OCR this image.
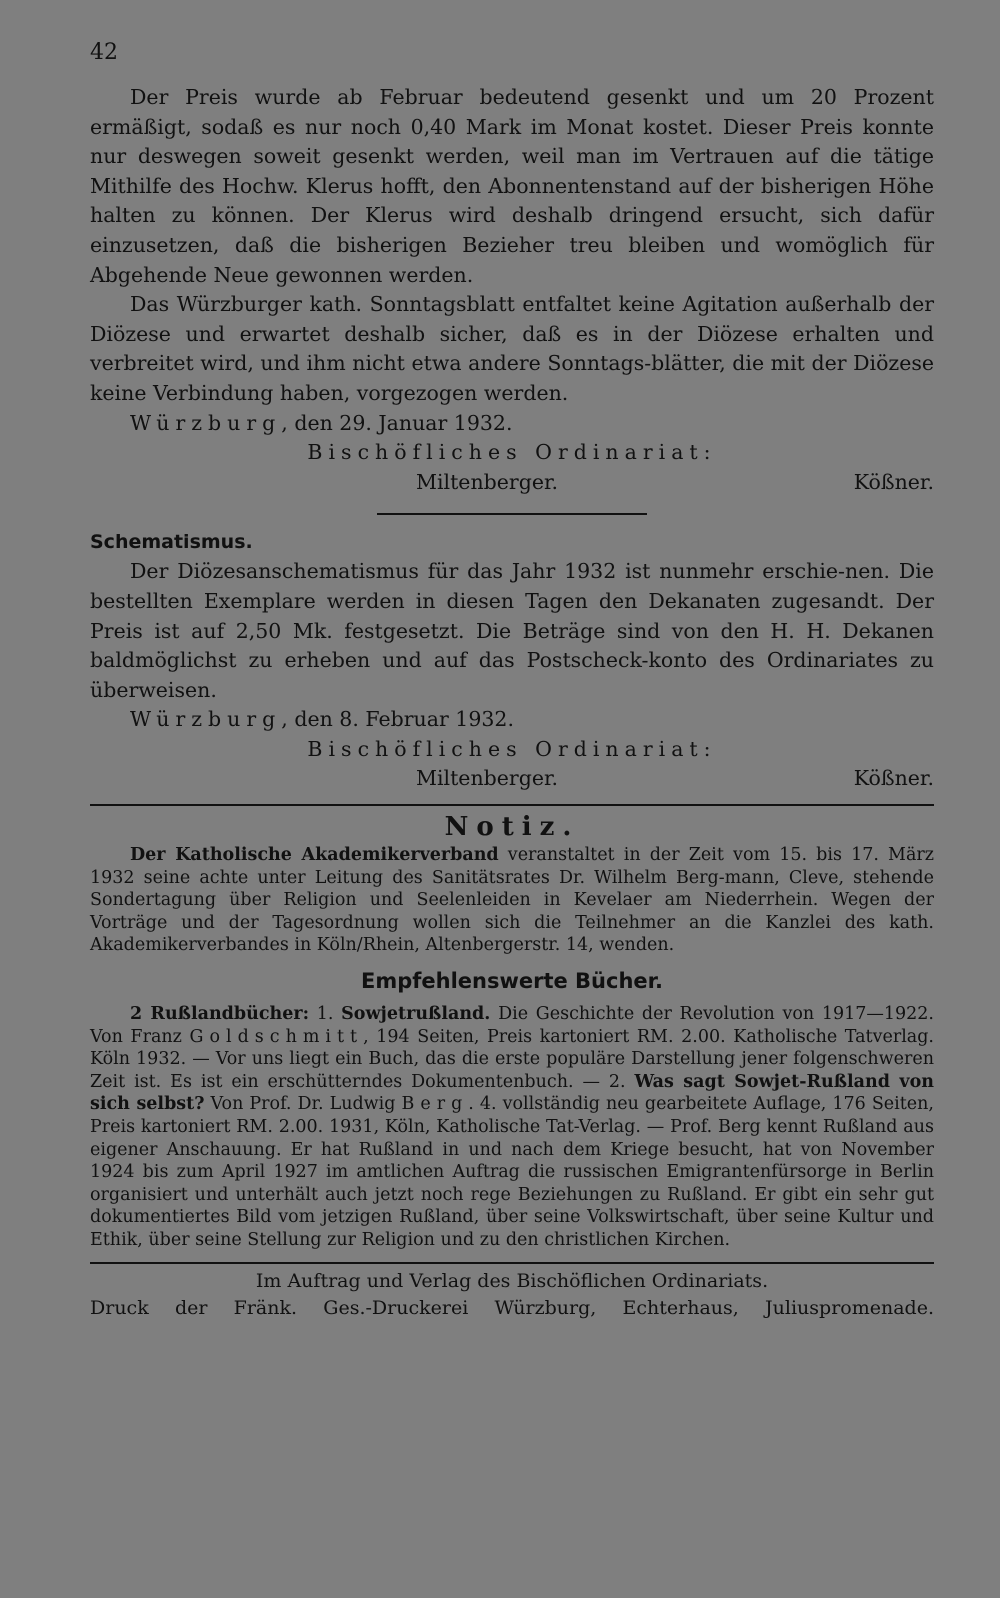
42

Der Preis wurde ab Februar bedeutend gesenkt und um 20 Prozent ermäßigt, sodaß es nur noch 0,40 Mark im Monat kostet. Dieser Preis konnte nur deswegen soweit gesenkt werden, weil man im Vertrauen auf die tätige Mithilfe des Hochw. Klerus hofft, den Abonnentenstand auf der bisherigen Höhe halten zu können. Der Klerus wird deshalb dringend ersucht, sich dafür einzusetzen, daß die bisherigen Bezieher treu bleiben und womöglich für Abgehende Neue gewonnen werden.

Das Würzburger kath. Sonntagsblatt entfaltet keine Agitation außerhalb der Diözese und erwartet deshalb sicher, daß es in der Diözese erhalten und verbreitet wird, und ihm nicht etwa andere Sonntags-blätter, die mit der Diözese keine Verbindung haben, vorgezogen werden.

Würzburg, den 29. Januar 1932.

Bischöfliches Ordinariat:
Miltenberger.	Kößner.
Schematismus.

Der Diözesanschematismus für das Jahr 1932 ist nunmehr erschie-nen. Die bestellten Exemplare werden in diesen Tagen den Dekanaten zugesandt. Der Preis ist auf 2,50 Mk. festgesetzt. Die Beträge sind von den H. H. Dekanen baldmöglichst zu erheben und auf das Postscheck-konto des Ordinariates zu überweisen.

Würzburg, den 8. Februar 1932.

Bischöfliches Ordinariat:
Miltenberger.	Kößner.
Notiz.

Der Katholische Akademikerverband veranstaltet in der Zeit vom 15. bis 17. März 1932 seine achte unter Leitung des Sanitätsrates Dr. Wilhelm Berg-mann, Cleve, stehende Sondertagung über Religion und Seelenleiden in Kevelaer am Niederrhein. Wegen der Vorträge und der Tagesordnung wollen sich die Teilnehmer an die Kanzlei des kath. Akademikerverbandes in Köln/Rhein, Altenbergerstr. 14, wenden.

Empfehlenswerte Bücher.

2 Rußlandbücher: 1. Sowjetrußland. Die Geschichte der Revolution von 1917—1922. Von Franz Goldschmitt, 194 Seiten, Preis kartoniert RM. 2.00. Katholische Tatverlag. Köln 1932. — Vor uns liegt ein Buch, das die erste populäre Darstellung jener folgenschweren Zeit ist. Es ist ein erschütterndes Dokumentenbuch. — 2. Was sagt Sowjet-Rußland von sich selbst? Von Prof. Dr. Ludwig Berg. 4. vollständig neu gearbeitete Auflage, 176 Seiten, Preis kartoniert RM. 2.00. 1931, Köln, Katholische Tat-Verlag. — Prof. Berg kennt Rußland aus eigener Anschauung. Er hat Rußland in und nach dem Kriege besucht, hat von November 1924 bis zum April 1927 im amtlichen Auftrag die russischen Emigrantenfürsorge in Berlin organisiert und unterhält auch jetzt noch rege Beziehungen zu Rußland. Er gibt ein sehr gut dokumentiertes Bild vom jetzigen Rußland, über seine Volkswirtschaft, über seine Kultur und Ethik, über seine Stellung zur Religion und zu den christlichen Kirchen.

Im Auftrag und Verlag des Bischöflichen Ordinariats.

Druck der Fränk. Ges.-Druckerei Würzburg, Echterhaus, Juliuspromenade.
